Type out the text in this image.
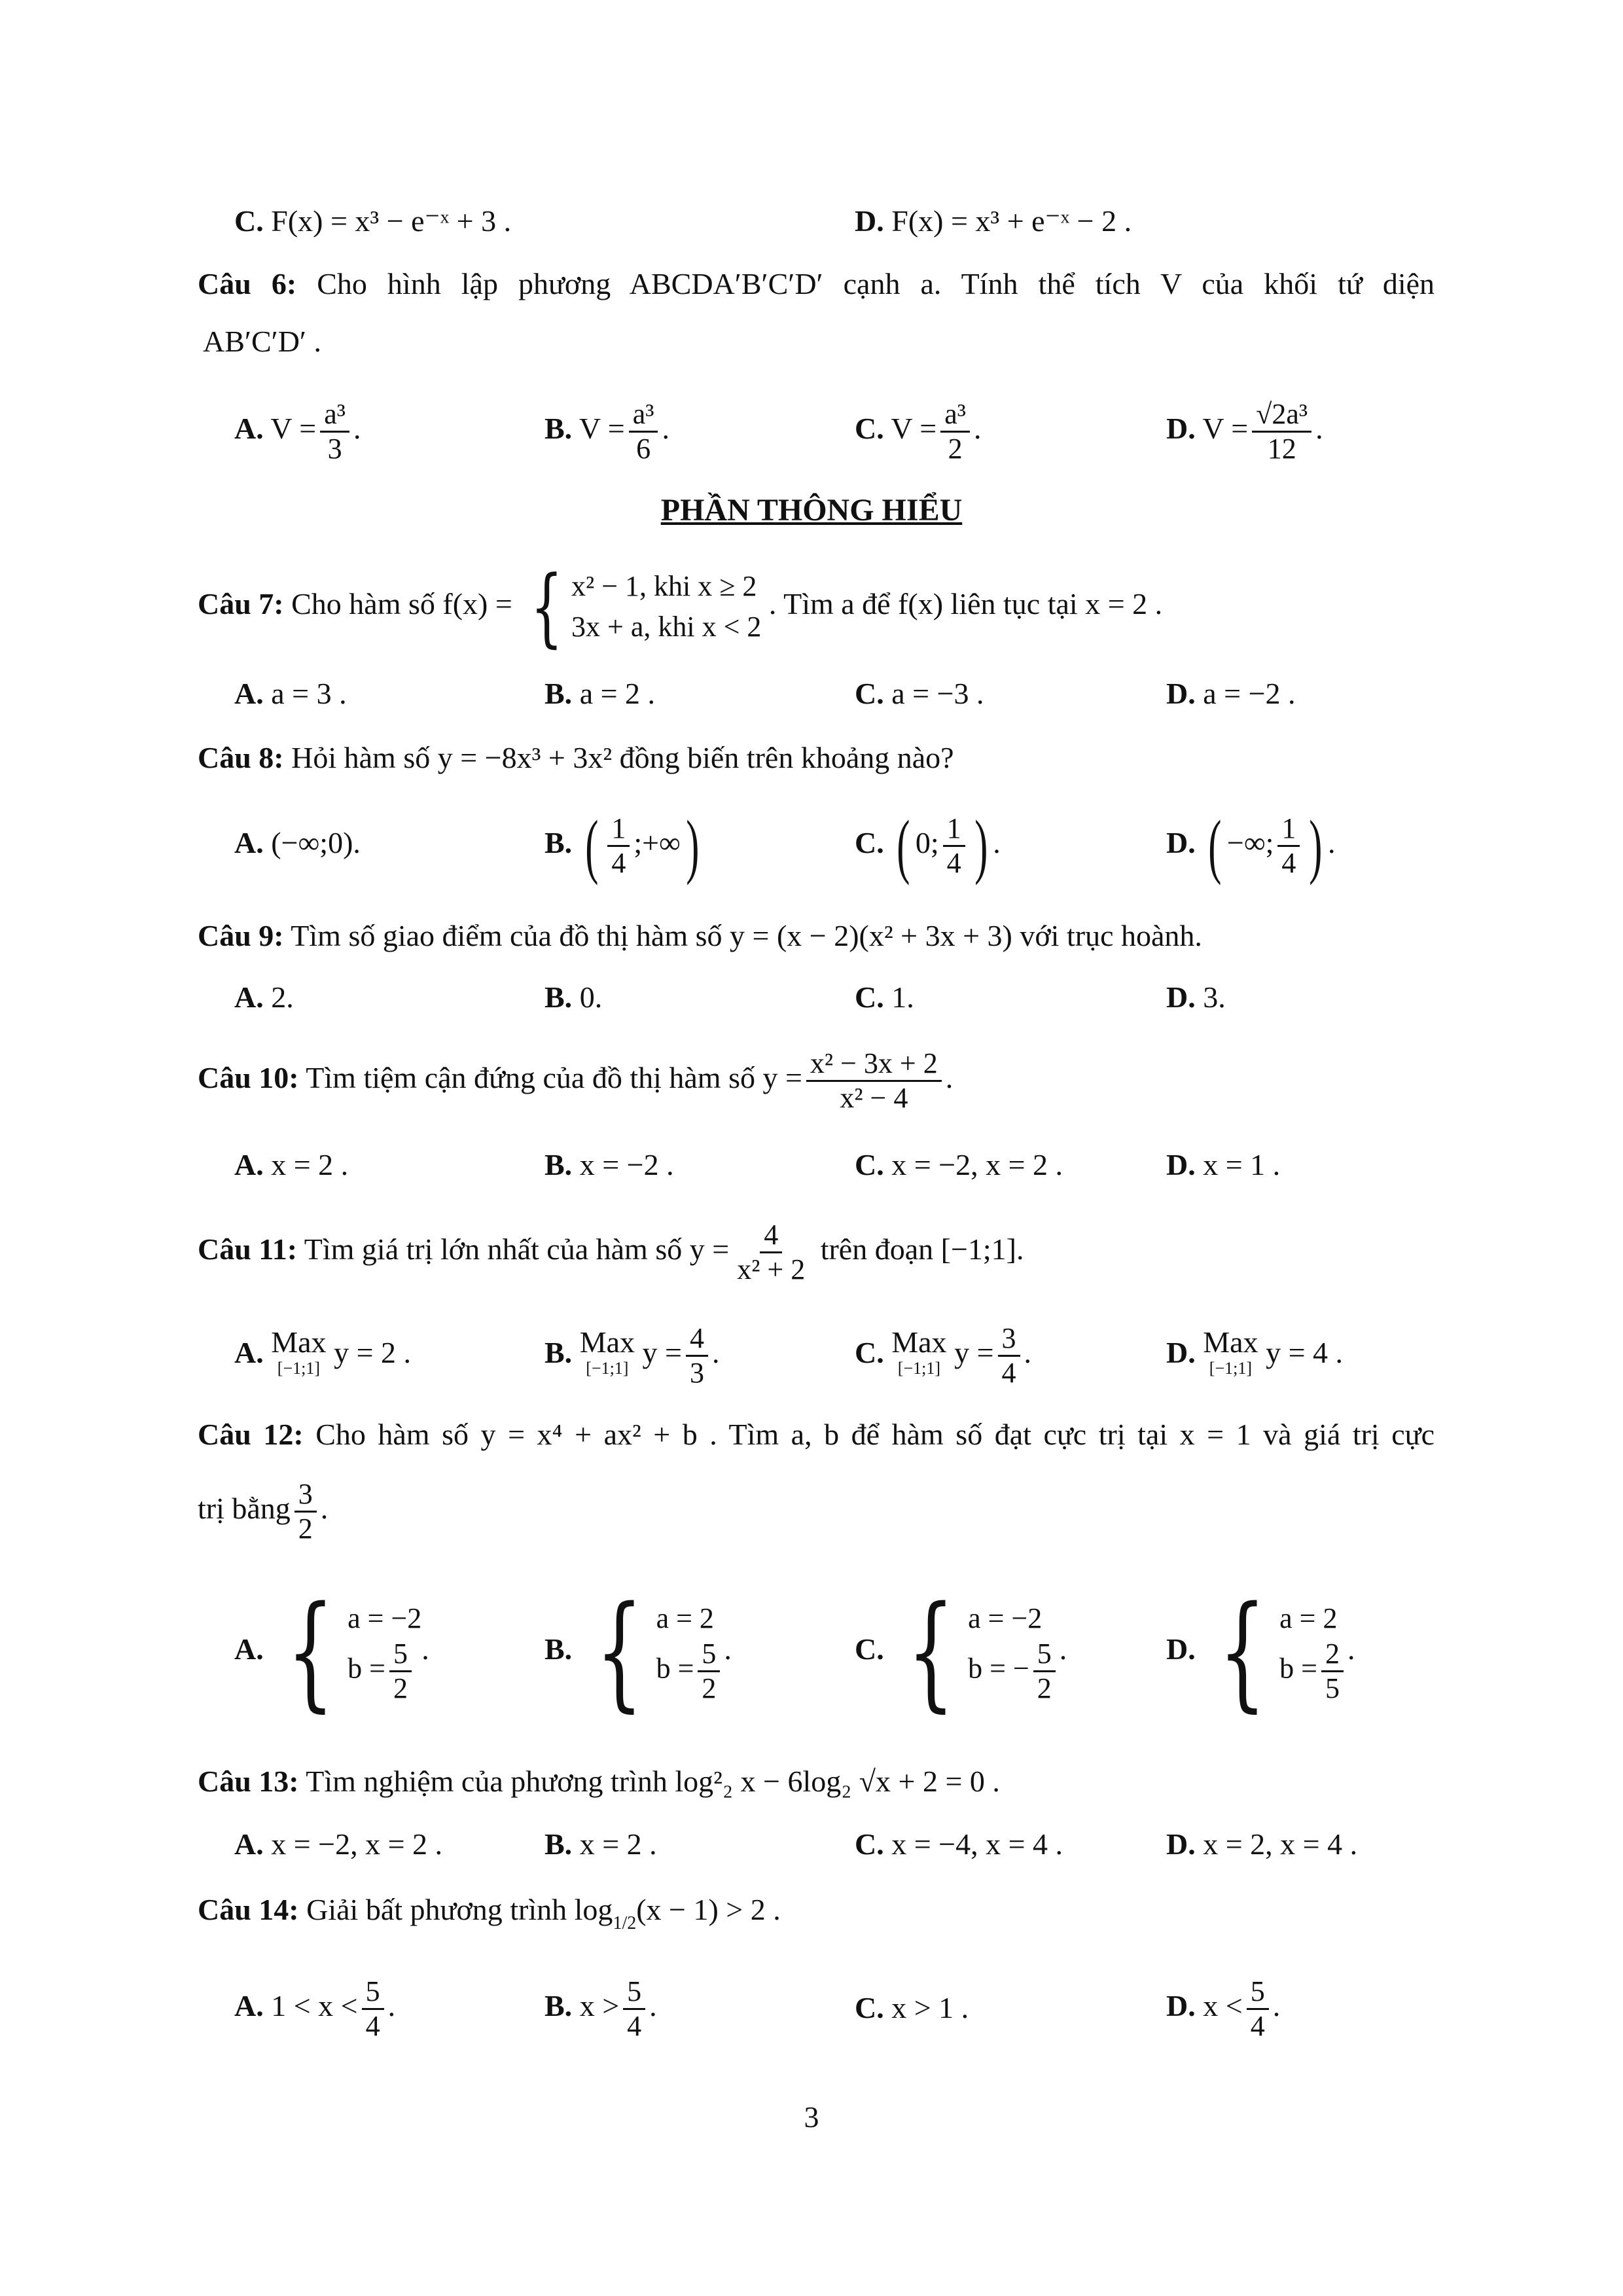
C. F(x) = x³ − e⁻ˣ + 3 .	D. F(x) = x³ + e⁻ˣ − 2 .
Câu 6: Cho hình lập phương ABCDA′B′C′D′ cạnh a. Tính thể tích V của khối tứ diện
AB′C′D′ .
A. $V = \frac{\text{a³}}{3}$ .	B. $V = \frac{\text{a³}}{6}$ .	C. $V = \frac{\text{a³}}{2}$ .	D. $V = \frac{\text{√2a³}}{12}$ .
PHẦN THÔNG HIỂU
Câu 7: Cho hàm số f(x) = { x² − 1, khi x ≥ 2
3x + a, khi x < 2
. Tìm a để f(x) liên tục tại x = 2 .
A. a = 3 .	B. a = 2 .	C. a = −3 .	D. a = −2 .
Câu 8: Hỏi hàm số y = −8x³ + 3x² đồng biến trên khoảng nào?
A. (−∞;0).	B. ( $\frac{1}{4}$ ;+∞)	C. ( 0; $\frac{1}{4}$ ) .	D. ( −∞; $\frac{1}{4}$ ) .
Câu 9: Tìm số giao điểm của đồ thị hàm số y = (x − 2)(x² + 3x + 3) với trục hoành.
A. 2.	B. 0.	C. 1.	D. 3.
Câu 10: Tìm tiệm cận đứng của đồ thị hàm số $y = \frac{\text{x² − 3x + 2}}{\text{x² − 4}}$ .
A. x = 2 .	B. x = −2 .	C. x = −2, x = 2 .	D. x = 1 .
Câu 11: Tìm giá trị lớn nhất của hàm số $y = \frac{4}{\text{x² + 2}}$ trên đoạn [−1;1].
A. Max
[−1;1] y = 2 .	B. Max
[−1;1] $y = \frac{4}{3}$ .	C. Max
[−1;1] $y = \frac{3}{4}$ .	D. Max
[−1;1] y = 4 .
Câu 12: Cho hàm số y = x⁴ + ax² + b . Tìm a, b để hàm số đạt cực trị tại x = 1 và giá trị cực
trị bằng $\frac{3}{2}$ .
A. { a = −2
$b = \frac{5}{2}$ .	B. { a = 2
$b = \frac{5}{2}$ .	C. { a = −2
b = − $\frac{5}{2}$ .	D. { a = 2
$b = \frac{2}{5}$ .
Câu 13: Tìm nghiệm của phương trình log²₂ x − 6log₂ √x + 2 = 0 .
A. x = −2, x = 2 .	B. x = 2 .	C. x = −4, x = 4 .	D. x = 2, x = 4 .
Câu 14: Giải bất phương trình $\log_{1/2}(x - 1) > 2$ .
A. $1 < x < \frac{5}{4}$ .	B. $x > \frac{5}{4}$ .	C. x > 1 .	D. $x < \frac{5}{4}$ .
3
